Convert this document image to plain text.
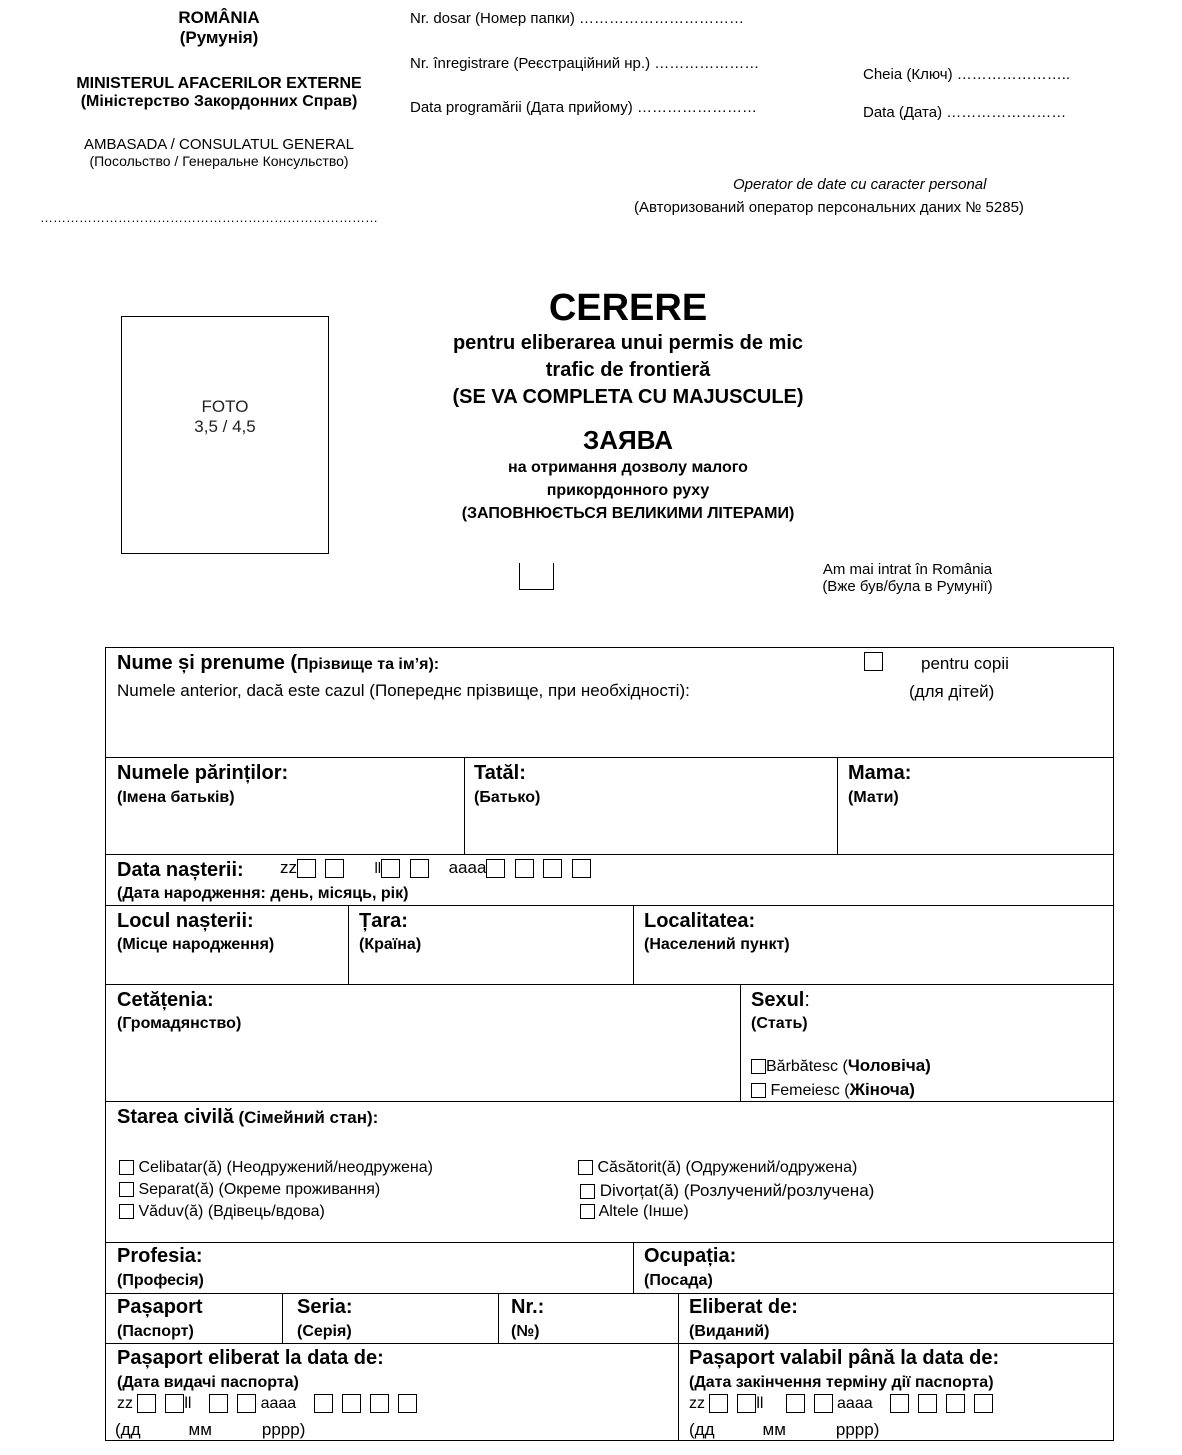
ROMÂNIA
(Румунія)
MINISTERUL AFACERILOR EXTERNE
(Міністерство Закордонних Справ)
AMBASADA / CONSULATUL GENERAL
(Посольство / Генеральне Консульство)
……………………………………………………………………
Nr. dosar (Номер папки) ……………………………
Nr. înregistrare (Реєстраційний нр.) …………………
Data programării (Дата прийому) ……………………
Cheia (Ключ) …………………..
Data (Дата) ……………………
Operator de date cu caracter personal
(Авторизований оператор персональних даних № 5285)
FOTO
3,5 / 4,5
CERERE
pentru eliberarea unui permis de mic
trafic de frontieră
(SE VA COMPLETA CU MAJUSCULE)
ЗАЯВА
на отримання дозволу малого
прикордонного руху
(ЗАПОВНЮЄТЬСЯ ВЕЛИКИМИ ЛІТЕРАМИ)
Am mai intrat în România
(Вже був/була в Румунії)
Nume și prenume (Прізвище та ім’я):
Numele anterior, dacă este cazul (Попереднє прізвище, при необхідності):
pentru copii
(для дітей)
Numele părinților:
(Імена батьків)
Tatăl:
(Батько)
Mama:
(Мати)
Data nașterii: zz
	ll
	aaaa

(Дата народження: день, місяць, рік)
Locul nașterii:
(Місце народження)
Țara:
(Країна)
Localitatea:
(Населений пункт)
Cetățenia:
(Громадянство)
Sexul:
(Стать)
Bărbătesc (Чоловіча)
Femeiesc (Жіноча)
Starea civilă (Сімейний стан):
Celibatar(ă) (Неодружений/неодружена)	Căsătorit(ă) (Одружений/одружена)
Separat(ă) (Окреме проживання)	Divorțat(ă) (Розлучений/розлучена)
Văduv(ă) (Вдівець/вдова)	Altele (Інше)
Profesia:
(Професія)
Ocupația:
(Посада)
Pașaport
(Паспорт)
Seria:
(Серія)
Nr.:
(№)
Eliberat de:
(Виданий)
Pașaport eliberat la data de:
(Дата видачі паспорта)
zz

	ll

	aaaa

(дд	мм	рррр)
Pașaport valabil până la data de:
(Дата закінчення терміну дії паспорта)
zz

	ll

	aaaa

(дд	мм	рррр)
